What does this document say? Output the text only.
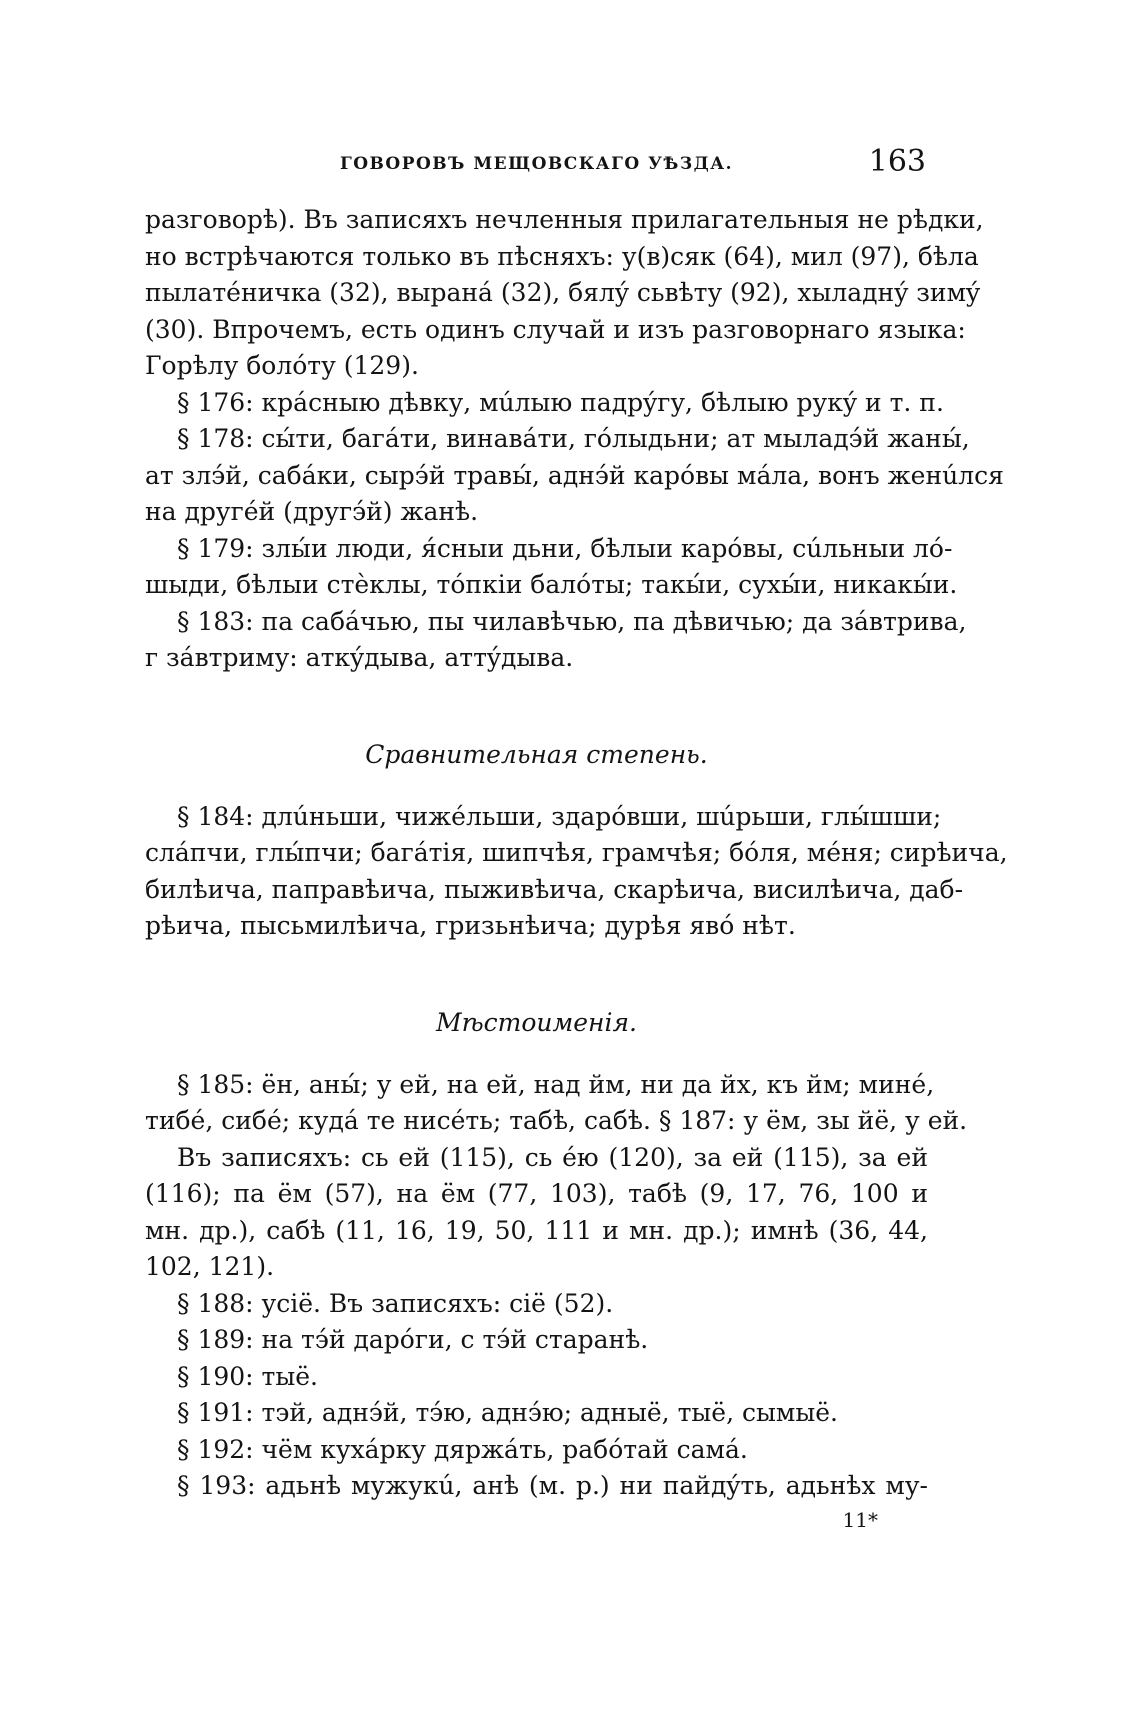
ГОВОРОВЪ МЕЩОВСКАГО УѢЗДА.	163
разговорѣ). Въ записяхъ нечленныя прилагательныя не рѣдки,
но встрѣчаются только въ пѣсняхъ: у(в)сяк (64), мил (97), бѣла
пылатéничка (32), выранá (32), бялý сьвѣту (92), хыладнý зимý
(30). Впрочемъ, есть одинъ случай и изъ разговорнаго языка:
Горѣлу болóту (129).
§ 176: крáсныю дѣвку, мúлыю падрýгу, бѣлыю рукý и т. п.
§ 178: сы́ти, багáти, винавáти, гóлыдьни; ат мыладэ́й жаны́,
ат злэ́й, сабáки, сырэ́й травы́, аднэ́й карóвы мáла, вонъ женúлся
на другéй (другэ́й) жанѣ.
§ 179: злы́и люди, я́сныи дьни, бѣлыи карóвы, сúльныи лó-
шыди, бѣлыи стѐклы, тóпкіи балóты; такы́и, сухы́и, никакы́и.
§ 183: па сабáчью, пы чилавѣчью, па дѣвичью; да зáвтрива,
г зáвтриму: аткýдыва, аттýдыва.
Сравнительная степень.
§ 184: длúньши, чижéльши, здарóвши, шúрьши, глы́шши;
слáпчи, глы́пчи; багáтія, шипчѣя, грамчѣя; бóля, мéня; сирѣича,
билѣича, паправѣича, пыживѣича, скарѣича, висилѣича, даб-
рѣича, пысьмилѣича, гризьнѣича; дурѣя явó нѣт.
Мѣстоименія.
§ 185: ён, аны́; у ей, на ей, над йм, ни да йх, къ йм; минé,
тибé, сибé; кудá те нисéть; табѣ, сабѣ. § 187: у ём, зы йё, у ей.
Въ записяхъ: сь ей (115), сь éю (120), за ей (115), за ей
(116); па ём (57), на ём (77, 103), табѣ (9, 17, 76, 100 и
мн. др.), сабѣ (11, 16, 19, 50, 111 и мн. др.); имнѣ (36, 44,
102, 121).
§ 188: усіё. Въ записяхъ: сіё (52).
§ 189: на тэ́й дарóги, с тэ́й старанѣ.
§ 190: тыё.
§ 191: тэй, аднэ́й, тэ́ю, аднэ́ю; адныё, тыё, сымыё.
§ 192: чём кухáрку дяржáть, рабóтай самá.
§ 193: адьнѣ мужукú, анѣ (м. р.) ни пайдýть, адьнѣх му-
11*
